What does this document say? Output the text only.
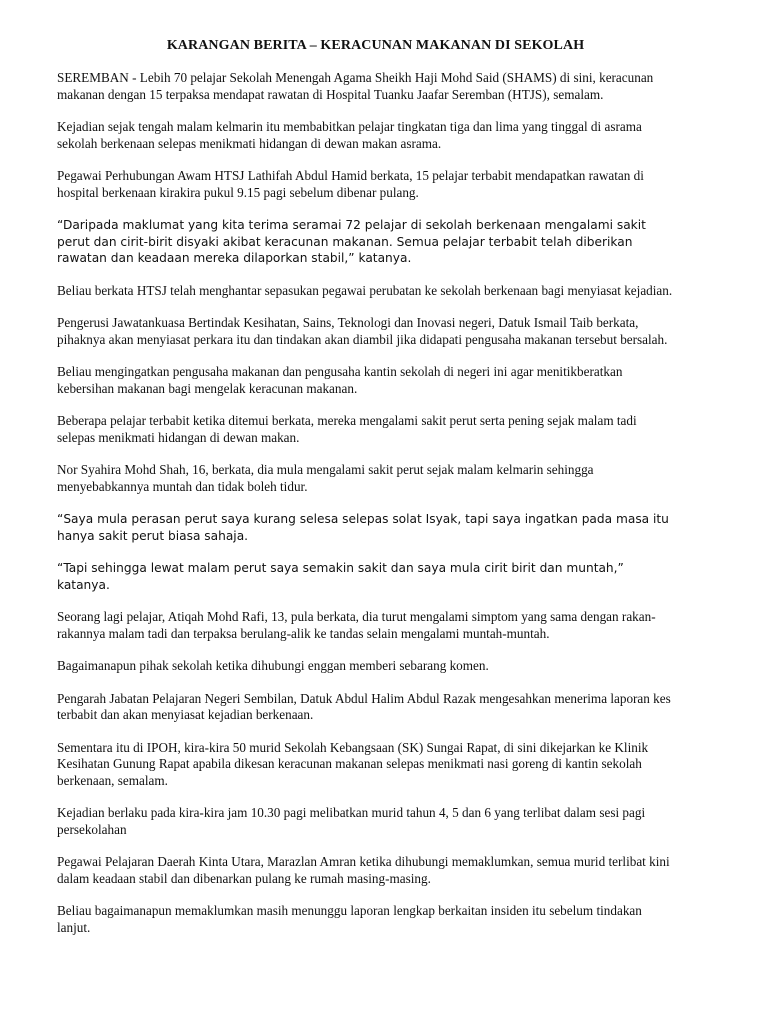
KARANGAN BERITA – KERACUNAN MAKANAN DI SEKOLAH

SEREMBAN - Lebih 70 pelajar Sekolah Menengah Agama Sheikh Haji Mohd Said (SHAMS) di sini, keracunan makanan dengan 15 terpaksa mendapat rawatan di Hospital Tuanku Jaafar Seremban (HTJS), semalam.

Kejadian sejak tengah malam kelmarin itu membabitkan pelajar tingkatan tiga dan lima yang tinggal di asrama sekolah berkenaan selepas menikmati hidangan di dewan makan asrama.

Pegawai Perhubungan Awam HTSJ Lathifah Abdul Hamid berkata, 15 pelajar terbabit mendapatkan rawatan di hospital berkenaan kirakira pukul 9.15 pagi sebelum dibenar pulang.

“Daripada maklumat yang kita terima seramai 72 pelajar di sekolah berkenaan mengalami sakit perut dan cirit-birit disyaki akibat keracunan makanan. Semua pelajar terbabit telah diberikan rawatan dan keadaan mereka dilaporkan stabil,” katanya.

Beliau berkata HTSJ telah menghantar sepasukan pegawai perubatan ke sekolah berkenaan bagi menyiasat kejadian.

Pengerusi Jawatankuasa Bertindak Kesihatan, Sains, Teknologi dan Inovasi negeri, Datuk Ismail Taib berkata, pihaknya akan menyiasat perkara itu dan tindakan akan diambil jika didapati pengusaha makanan tersebut bersalah.

Beliau mengingatkan pengusaha makanan dan pengusaha kantin sekolah di negeri ini agar menitikberatkan kebersihan makanan bagi mengelak keracunan makanan.

Beberapa pelajar terbabit ketika ditemui berkata, mereka mengalami sakit perut serta pening sejak malam tadi selepas menikmati hidangan di dewan makan.

Nor Syahira Mohd Shah, 16, berkata, dia mula mengalami sakit perut sejak malam kelmarin sehingga menyebabkannya muntah dan tidak boleh tidur.

“Saya mula perasan perut saya kurang selesa selepas solat Isyak, tapi saya ingatkan pada masa itu hanya sakit perut biasa sahaja.

“Tapi sehingga lewat malam perut saya semakin sakit dan saya mula cirit birit dan muntah,” katanya.

Seorang lagi pelajar, Atiqah Mohd Rafi, 13, pula berkata, dia turut mengalami simptom yang sama dengan rakan-rakannya malam tadi dan terpaksa berulang-alik ke tandas selain mengalami muntah-muntah.

Bagaimanapun pihak sekolah ketika dihubungi enggan memberi sebarang komen.

Pengarah Jabatan Pelajaran Negeri Sembilan, Datuk Abdul Halim Abdul Razak mengesahkan menerima laporan kes terbabit dan akan menyiasat kejadian berkenaan.

Sementara itu di IPOH, kira-kira 50 murid Sekolah Kebangsaan (SK) Sungai Rapat, di sini dikejarkan ke Klinik Kesihatan Gunung Rapat apabila dikesan keracunan makanan selepas menikmati nasi goreng di kantin sekolah berkenaan, semalam.

Kejadian berlaku pada kira-kira jam 10.30 pagi melibatkan murid tahun 4, 5 dan 6 yang terlibat dalam sesi pagi persekolahan

Pegawai Pelajaran Daerah Kinta Utara, Marazlan Amran ketika dihubungi memaklumkan, semua murid terlibat kini dalam keadaan stabil dan dibenarkan pulang ke rumah masing-masing.

Beliau bagaimanapun memaklumkan masih menunggu laporan lengkap berkaitan insiden itu sebelum tindakan lanjut.
